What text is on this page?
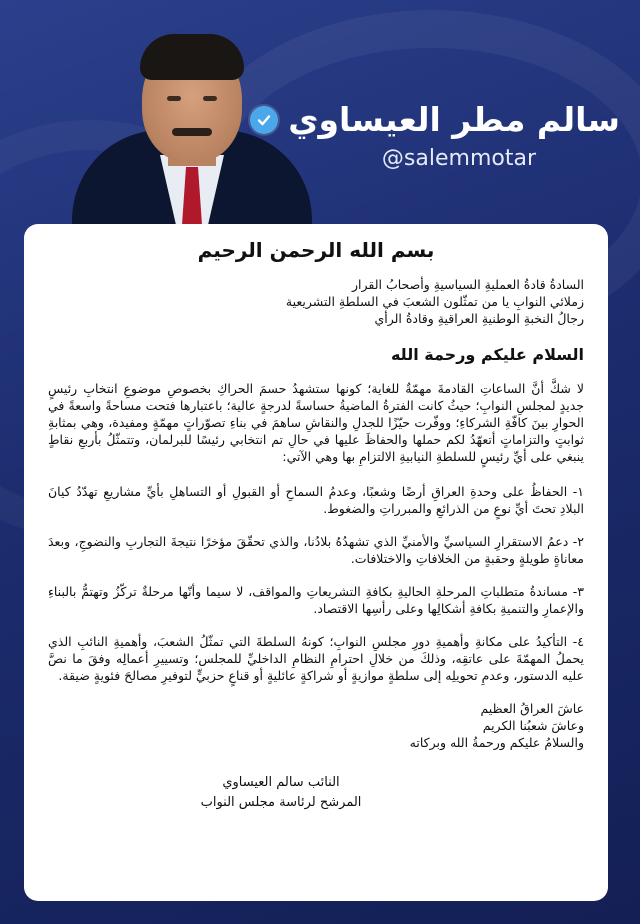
سالم مطر العيساوي

@salemmotar

بسم الله الرحمن الرحيم
السادةُ قادةُ العمليةِ السياسيةِ وأصحابُ القرار
زملائي النوابِ يا من تمثّلون الشعبَ في السلطةِ التشريعية
رجالُ النخبةِ الوطنيةِ العراقيةِ وقادةُ الرأي
السلام عليكم ورحمة الله

لا شكَّ أنَّ الساعاتِ القادمةَ مهمّةٌ للغاية؛ كونها ستشهدُ حسمَ الحراكِ بخصوصِ موضوعِ انتخابِ رئيسٍ جديدٍ لمجلسِ النوابِ؛ حيثُ كانت الفترةُ الماضيةُ حساسةً لدرجةٍ عالية؛ باعتبارها فتحت مساحةً واسعةً في الحوارِ بينَ كافّةِ الشركاءِ؛ ووفّرت حيّزًا للجدلِ والنقاشِ ساهمَ في بناءِ تصوّراتٍ مهمّةٍ ومفيدة، وهي بمثابةِ ثوابتٍ والتزاماتٍ أتعهّدُ لكم حملها والحفاظَ عليها في حالِ تم انتخابي رئيسًا للبرلمان، وتتمثّلُ بأربعِ نقاطٍ ينبغي على أيِّ رئيسٍ للسلطةِ النيابيةِ الالتزامِ بها وهي الآتي:

١- الحفاظُ على وحدةِ العراقِ أرضًا وشعبًا، وعدمُ السماحِ أو القبولِ أو التساهلِ بأيِّ مشاريعِ تهدّدُ كيانَ البلادِ تحتَ أيِّ نوعٍ من الذرائعِ والمبرراتِ والضغوط.

٢- دعمُ الاستقرارِ السياسيِّ والأمنيِّ الذي تشهدُهُ بلادُنا، والذي تحقّقَ مؤخرًا نتيجةَ التجاربِ والنضوجِ، وبعدَ معاناةٍ طويلةٍ وحقبةٍ من الخلافاتِ والاختلافات.

٣- مساندةُ متطلباتِ المرحلةِ الحاليةِ بكافةِ التشريعاتِ والمواقف، لا سيما وأنّها مرحلةٌ تركّزُ وتهتمُّ بالبناءِ والإعمارِ والتنميةِ بكافةِ أشكالِها وعلى رأسِها الاقتصاد.

٤- التأكيدُ على مكانةِ وأهميةِ دورِ مجلسِ النوابِ؛ كونهُ السلطةَ التي تمثّلُ الشعبَ، وأهميةِ النائبِ الذي يحملُ المهمّةَ على عاتقِه، وذلكَ من خلالِ احترامِ النظامِ الداخليِّ للمجلس؛ وتسييرِ أعمالِه وفقَ ما نصَّ عليه الدستور، وعدمِ تحويلِه إلى سلطةٍ موازيةٍ أو شراكةٍ عائليةٍ أو قناعٍ حزبيٍّ لتوفيرِ مصالحَ فئويةٍ ضيقة.

عاشَ العراقُ العظيم
وعاشَ شعبُنا الكريم
والسلامُ عليكم ورحمةُ الله وبركاته
النائب سالم العيساوي
المرشح لرئاسة مجلس النواب
